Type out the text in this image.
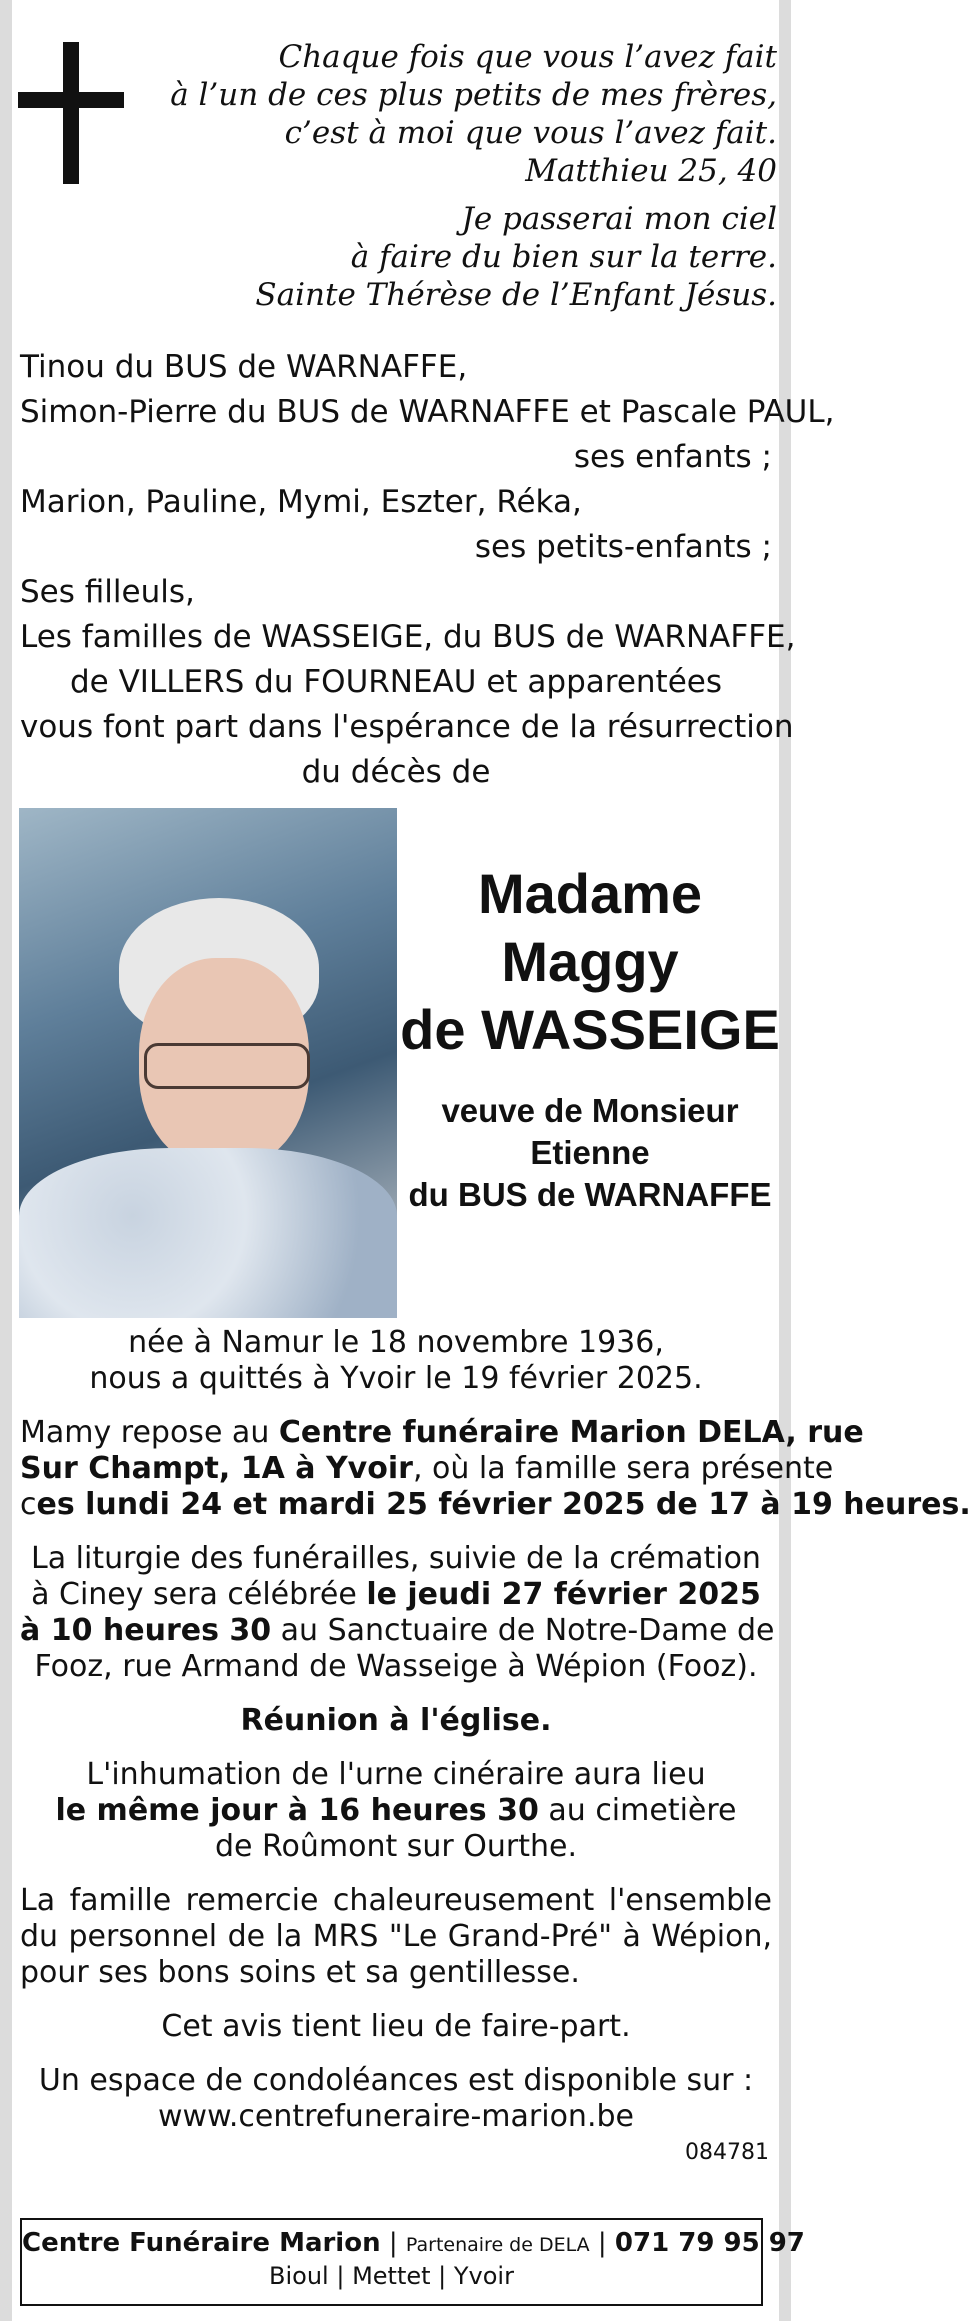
Chaque fois que vous l’avez fait
à l’un de ces plus petits de mes frères,
c’est à moi que vous l’avez fait.
Matthieu 25, 40
Je passerai mon ciel
à faire du bien sur la terre.
Sainte Thérèse de l’Enfant Jésus.
Tinou du BUS de WARNAFFE,
Simon-Pierre du BUS de WARNAFFE et Pascale PAUL,
ses enfants ;
Marion, Pauline, Mymi, Eszter, Réka,
ses petits-enfants ;
Ses filleuls,
Les familles de WASSEIGE, du BUS de WARNAFFE,
de VILLERS du FOURNEAU et apparentées
vous font part dans l'espérance de la résurrection
du décès de
Madame
Maggy
de WASSEIGE
veuve de Monsieur
Etienne
du BUS de WARNAFFE
née à Namur le 18 novembre 1936,
nous a quittés à Yvoir le 19 février 2025.
Mamy repose au Centre funéraire Marion DELA, rue
Sur Champt, 1A à Yvoir, où la famille sera présente
ces lundi 24 et mardi 25 février 2025 de 17 à 19 heures.
La liturgie des funérailles, suivie de la crémation
à Ciney sera célébrée le jeudi 27 février 2025
à 10 heures 30 au Sanctuaire de Notre-Dame de
Fooz, rue Armand de Wasseige à Wépion (Fooz).
Réunion à l'église.
L'inhumation de l'urne cinéraire aura lieu
le même jour à 16 heures 30 au cimetière
de Roûmont sur Ourthe.
La famille remercie chaleureusement l'ensemble
du personnel de la MRS "Le Grand-Pré" à Wépion,
pour ses bons soins et sa gentillesse.
Cet avis tient lieu de faire-part.
Un espace de condoléances est disponible sur :
www.centrefuneraire-marion.be
084781
Centre Funéraire Marion | Partenaire de DELA | 071 79 95 97
Bioul | Mettet | Yvoir
